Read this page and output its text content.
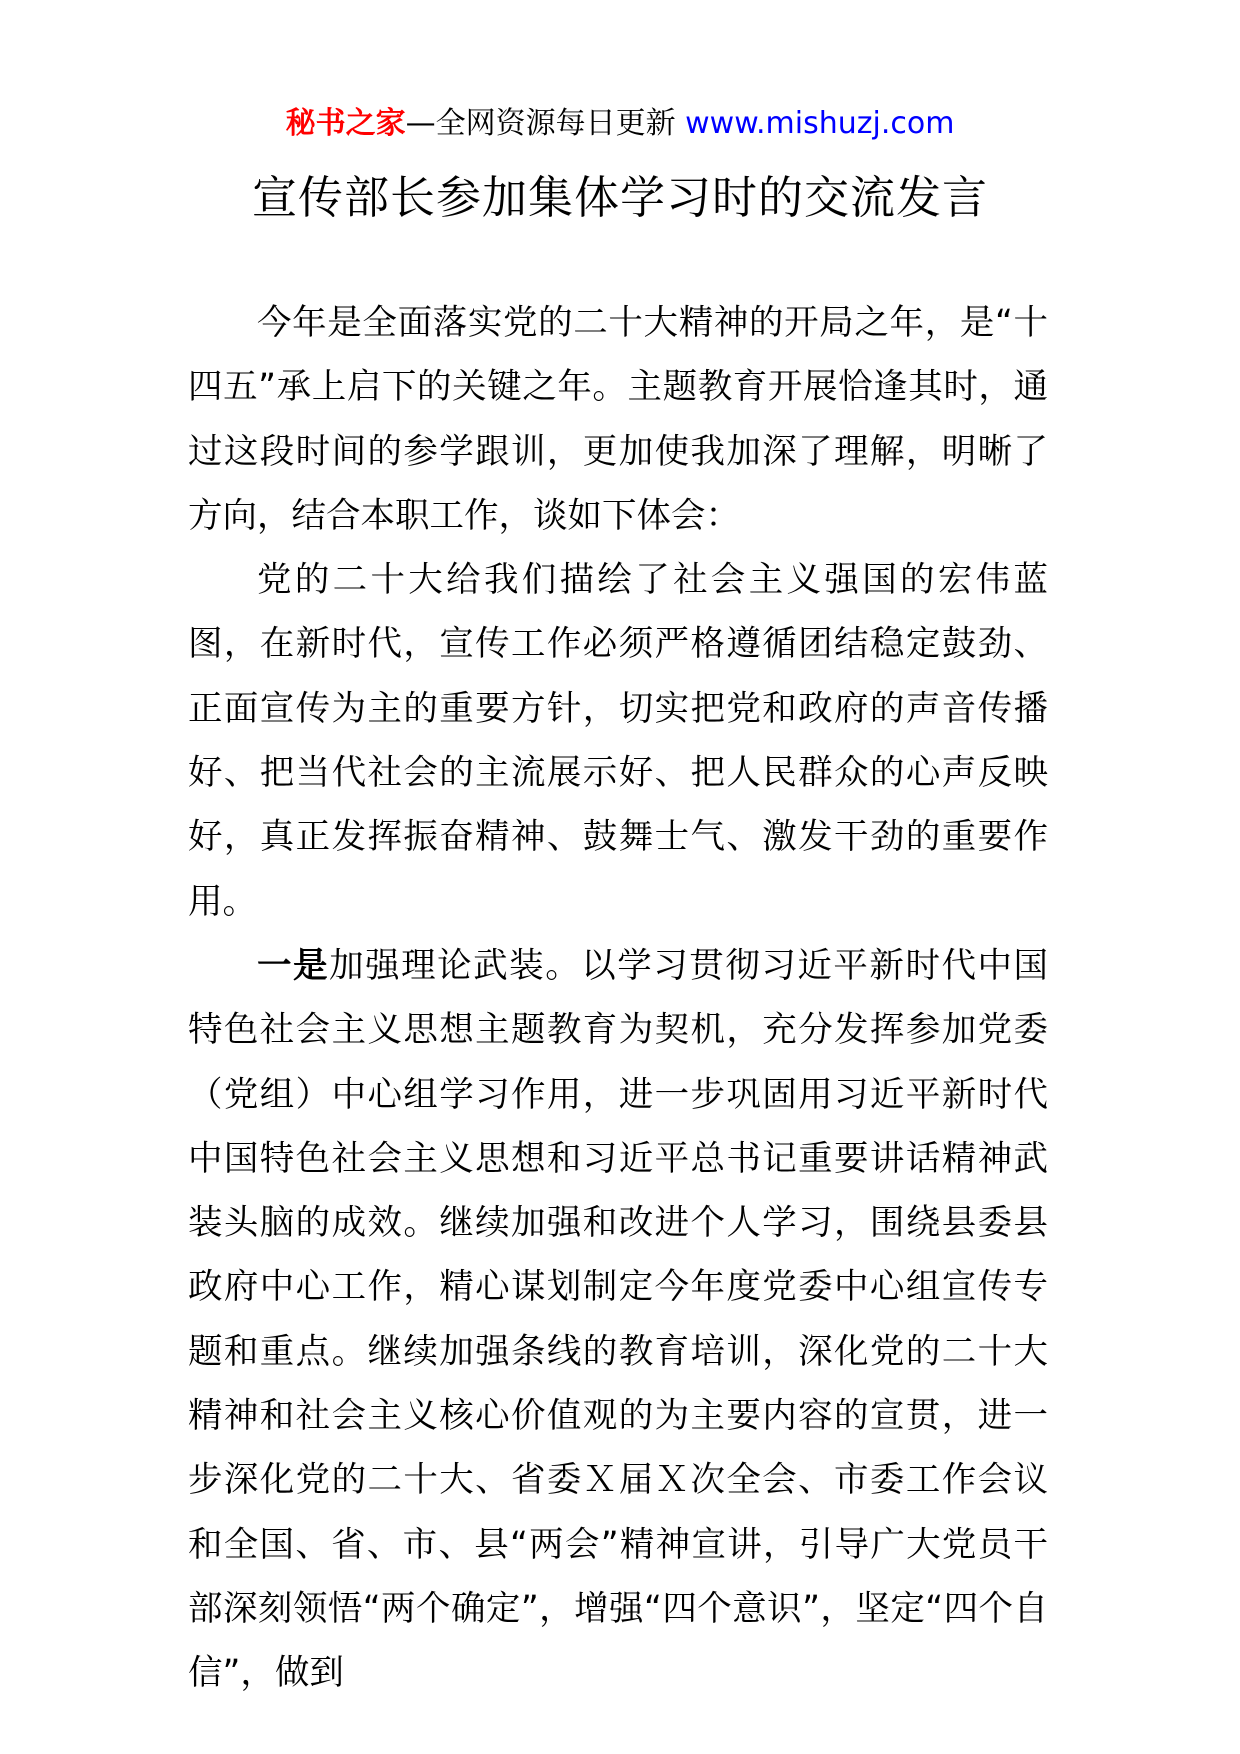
秘书之家—全网资源每日更新 www.mishuzj.com
宣传部长参加集体学习时的交流发言

今年是全面落实党的二十大精神的开局之年，是“十四五”承上启下的关键之年。主题教育开展恰逢其时，通过这段时间的参学跟训，更加使我加深了理解，明晰了方向，结合本职工作，谈如下体会：

党的二十大给我们描绘了社会主义强国的宏伟蓝图，在新时代，宣传工作必须严格遵循团结稳定鼓劲、正面宣传为主的重要方针，切实把党和政府的声音传播好、把当代社会的主流展示好、把人民群众的心声反映好，真正发挥振奋精神、鼓舞士气、激发干劲的重要作用。

一是加强理论武装。以学习贯彻习近平新时代中国特色社会主义思想主题教育为契机，充分发挥参加党委（党组）中心组学习作用，进一步巩固用习近平新时代中国特色社会主义思想和习近平总书记重要讲话精神武装头脑的成效。继续加强和改进个人学习，围绕县委县政府中心工作，精心谋划制定今年度党委中心组宣传专题和重点。继续加强条线的教育培训，深化党的二十大精神和社会主义核心价值观的为主要内容的宣贯，进一步深化党的二十大、省委Ｘ届Ｘ次全会、市委工作会议和全国、省、市、县“两会”精神宣讲，引导广大党员干部深刻领悟“两个确定”，增强“四个意识”，坚定“四个自信”，做到
